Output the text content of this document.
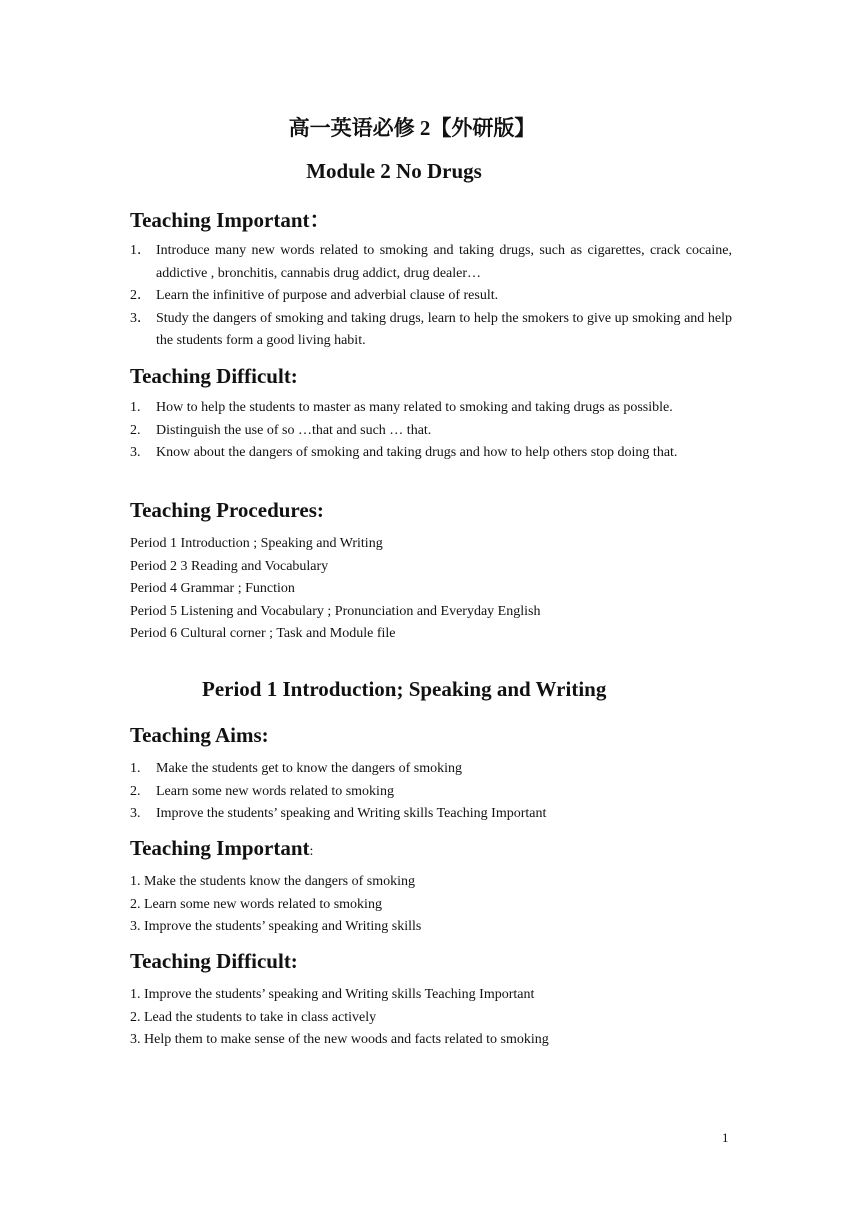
高一英语必修 2【外研版】
Module 2 No Drugs
Teaching Important：
1． Introduce many new words related to smoking and taking drugs, such as cigarettes, crack cocaine, addictive , bronchitis, cannabis drug addict, drug dealer…
2． Learn the infinitive of purpose and adverbial clause of result.
3． Study the dangers of smoking and taking drugs, learn to help the smokers to give up smoking and help the students form a good living habit.
Teaching Difficult:
1. How to help the students to master as many related to smoking and taking drugs as possible.
2. Distinguish the use of so …that and such … that.
3. Know about the dangers of smoking and taking drugs and how to help others stop doing that.
Teaching Procedures:
Period 1 Introduction ; Speaking and Writing
Period 2 3 Reading and Vocabulary
Period 4 Grammar ; Function
Period 5 Listening and Vocabulary ; Pronunciation and Everyday English
Period 6 Cultural corner ; Task and Module file
Period 1 Introduction; Speaking and Writing
Teaching Aims:
1. Make the students get to know the dangers of smoking
2. Learn some new words related to smoking
3. Improve the students’ speaking and Writing skills Teaching Important
Teaching Important:
1. Make the students know the dangers of smoking
2. Learn some new words related to smoking
3. Improve the students’ speaking and Writing skills
Teaching Difficult:
1. Improve the students’ speaking and Writing skills Teaching Important
2. Lead the students to take in class actively
3. Help them to make sense of the new woods and facts related to smoking
1
